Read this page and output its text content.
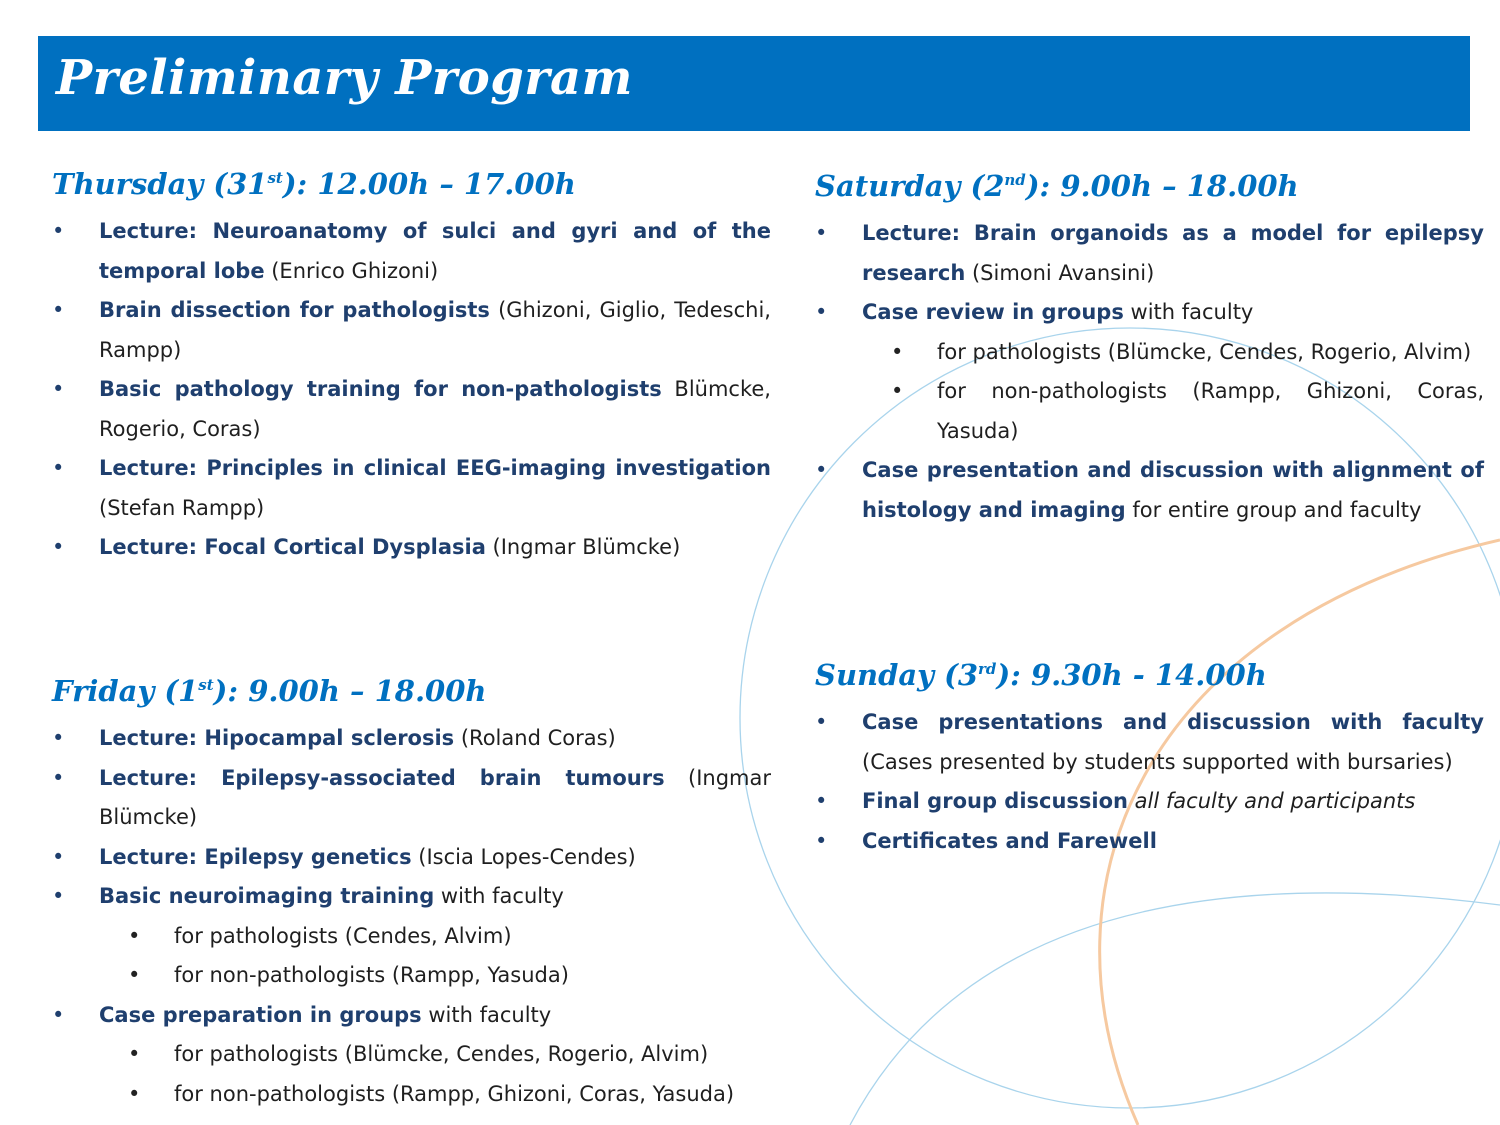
Preliminary Program
Thursday (31st): 12.00h – 17.00h
• Lecture: Neuroanatomy of sulci and gyri and of the temporal lobe (Enrico Ghizoni)
• Brain dissection for pathologists (Ghizoni, Giglio, Tedeschi, Rampp)
• Basic pathology training for non-pathologists Blümcke, Rogerio, Coras)
• Lecture: Principles in clinical EEG-imaging investigation (Stefan Rampp)
• Lecture: Focal Cortical Dysplasia (Ingmar Blümcke)
Friday (1st): 9.00h – 18.00h
• Lecture: Hipocampal sclerosis (Roland Coras)
• Lecture: Epilepsy-associated brain tumours (Ingmar Blümcke)
• Lecture: Epilepsy genetics (Iscia Lopes-Cendes)
• Basic neuroimaging training with faculty
• for pathologists (Cendes, Alvim)
• for non-pathologists (Rampp, Yasuda)
• Case preparation in groups with faculty
• for pathologists (Blümcke, Cendes, Rogerio, Alvim)
• for non-pathologists (Rampp, Ghizoni, Coras, Yasuda)
Saturday (2nd): 9.00h – 18.00h
• Lecture: Brain organoids as a model for epilepsy research (Simoni Avansini)
• Case review in groups with faculty
• for pathologists (Blümcke, Cendes, Rogerio, Alvim)
• for non-pathologists (Rampp, Ghizoni, Coras, Yasuda)
• Case presentation and discussion with alignment of histology and imaging for entire group and faculty
Sunday (3rd): 9.30h - 14.00h
• Case presentations and discussion with faculty (Cases presented by students supported with bursaries)
• Final group discussion all faculty and participants
• Certificates and Farewell
